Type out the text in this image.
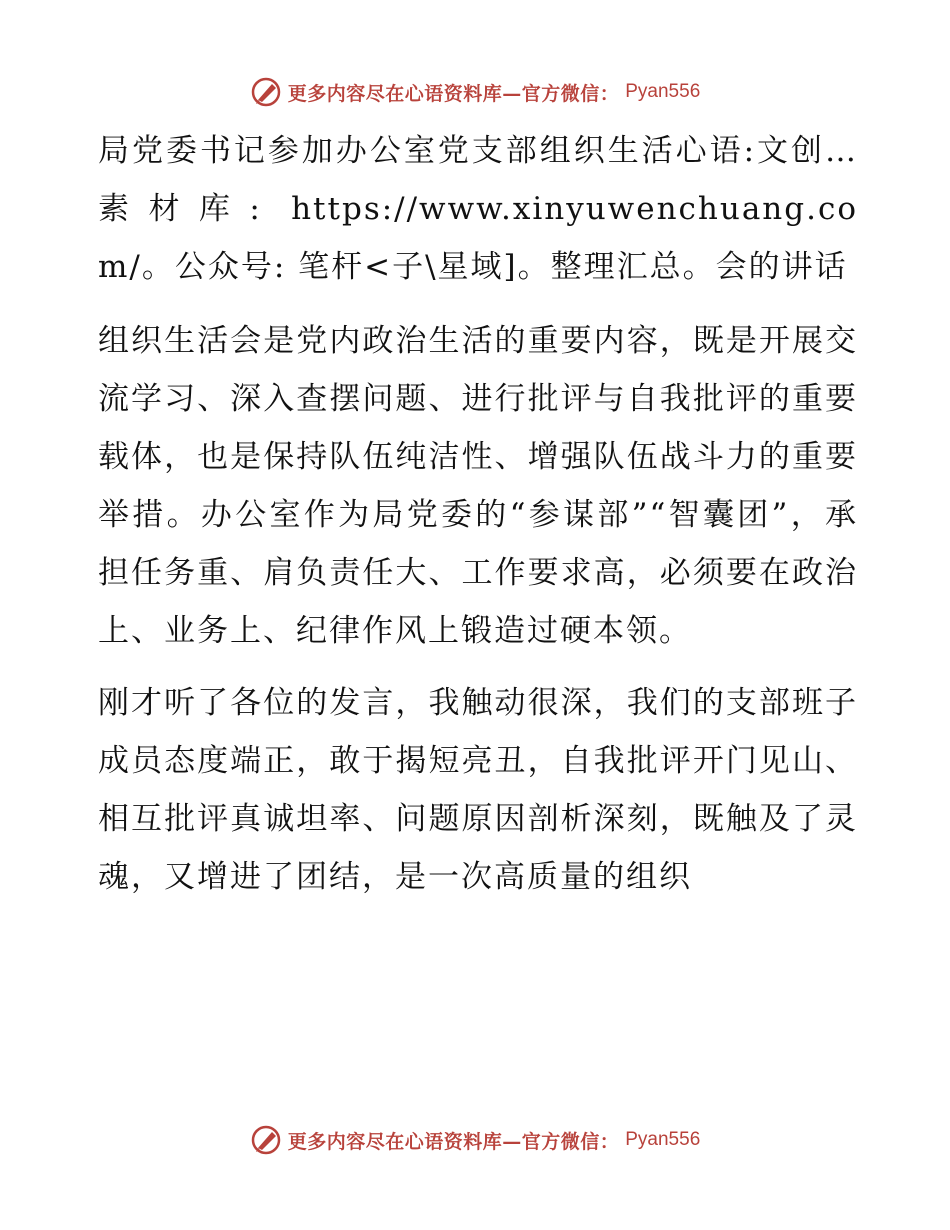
更多内容尽在心语资料库—官方微信： Pyan556

局党委书记参加办公室党支部组织生活心语:文创…素材库: https://www.xinyuwenchuang.com/。公众号: 笔杆<子\星域]。整理汇总。会的讲话

组织生活会是党内政治生活的重要内容，既是开展交流学习、深入查摆问题、进行批评与自我批评的重要载体，也是保持队伍纯洁性、增强队伍战斗力的重要举措。办公室作为局党委的“参谋部”“智囊团”，承担任务重、肩负责任大、工作要求高，必须要在政治上、业务上、纪律作风上锻造过硬本领。

刚才听了各位的发言，我触动很深，我们的支部班子成员态度端正，敢于揭短亮丑，自我批评开门见山、相互批评真诚坦率、问题原因剖析深刻，既触及了灵魂，又增进了团结，是一次高质量的组织

更多内容尽在心语资料库—官方微信： Pyan556
